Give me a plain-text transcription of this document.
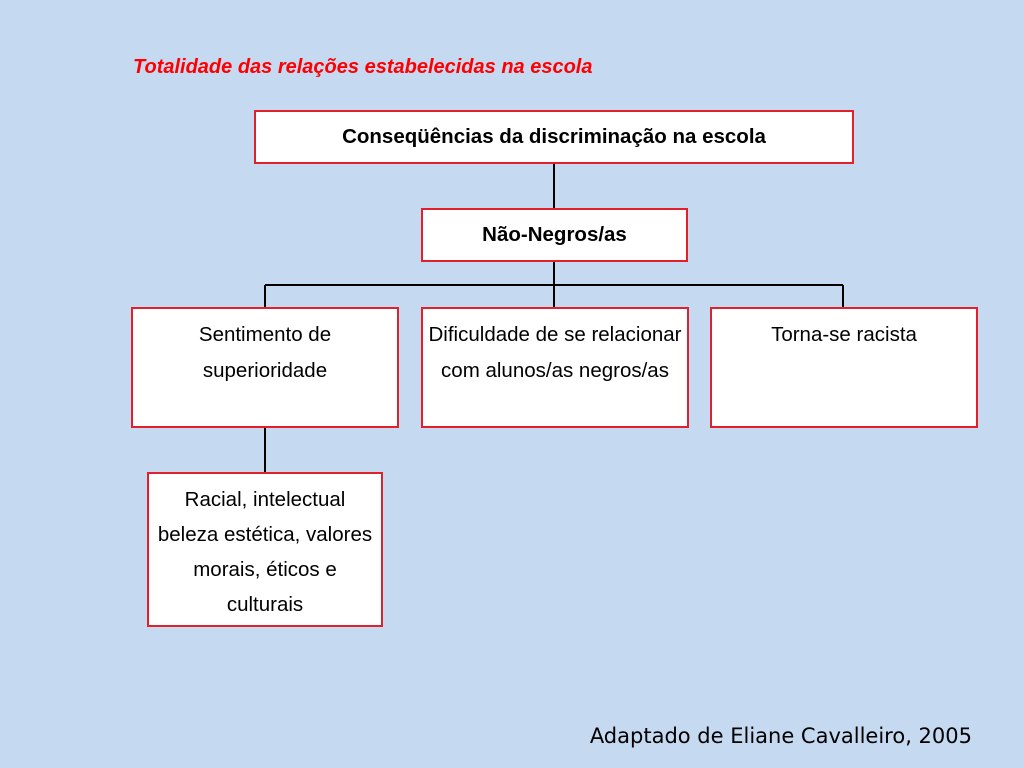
Totalidade das relações estabelecidas na escola
Conseqüências da discriminação na escola
Não-Negros/as
Sentimento de superioridade
Dificuldade de se relacionar com alunos/as negros/as
Torna-se racista
Racial, intelectual beleza estética, valores morais, éticos e culturais
Adaptado de Eliane Cavalleiro, 2005
